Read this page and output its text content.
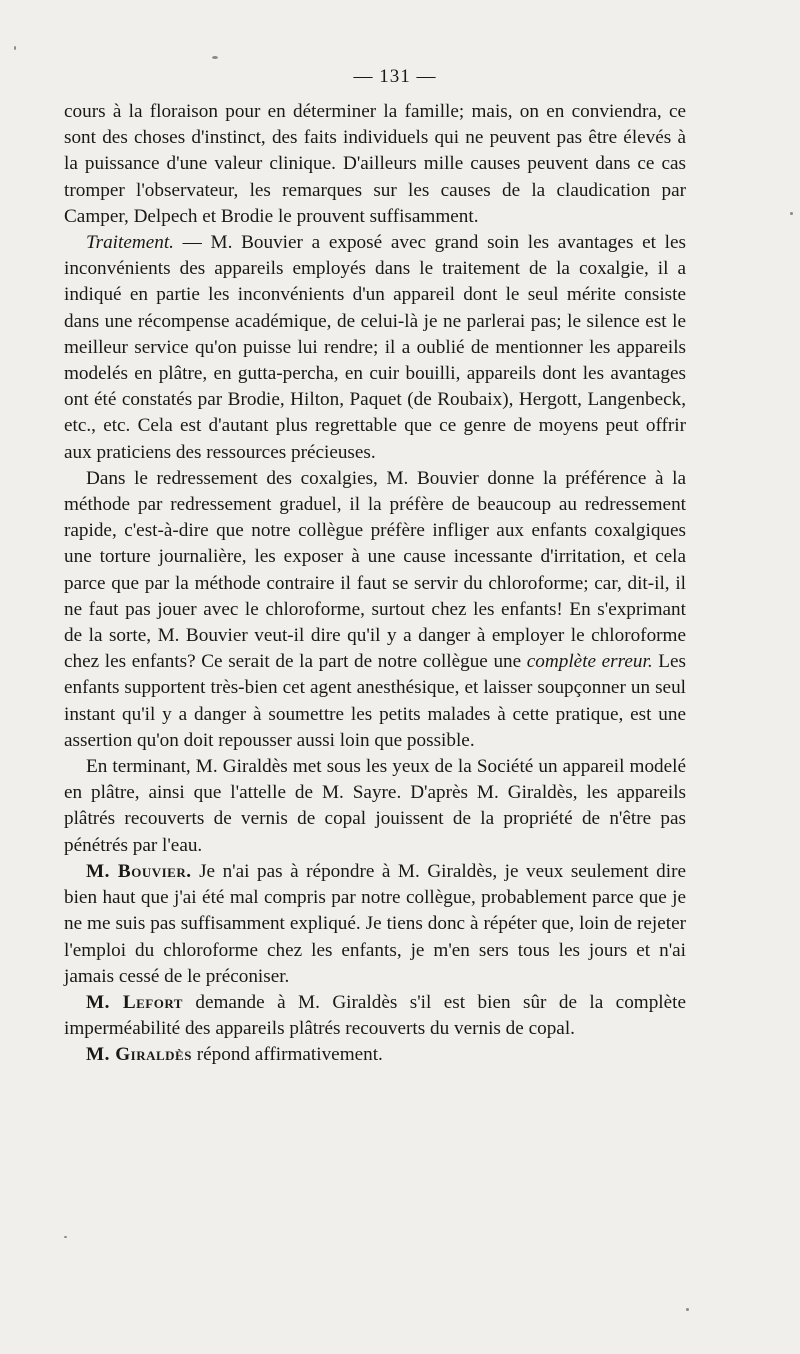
— 131 —

cours à la floraison pour en déterminer la famille; mais, on en conviendra, ce sont des choses d'instinct, des faits individuels qui ne peuvent pas être élevés à la puissance d'une valeur clinique. D'ailleurs mille causes peuvent dans ce cas tromper l'observateur, les remarques sur les causes de la claudication par Camper, Delpech et Brodie le prouvent suffisamment.

Traitement. — M. Bouvier a exposé avec grand soin les avantages et les inconvénients des appareils employés dans le traitement de la coxalgie, il a indiqué en partie les inconvénients d'un appareil dont le seul mérite consiste dans une récompense académique, de celui-là je ne parlerai pas; le silence est le meilleur service qu'on puisse lui rendre; il a oublié de mentionner les appareils modelés en plâtre, en gutta-percha, en cuir bouilli, appareils dont les avantages ont été constatés par Brodie, Hilton, Paquet (de Roubaix), Hergott, Langenbeck, etc., etc. Cela est d'autant plus regrettable que ce genre de moyens peut offrir aux praticiens des ressources précieuses.

Dans le redressement des coxalgies, M. Bouvier donne la préférence à la méthode par redressement graduel, il la préfère de beaucoup au redressement rapide, c'est-à-dire que notre collègue préfère infliger aux enfants coxalgiques une torture journalière, les exposer à une cause incessante d'irritation, et cela parce que par la méthode contraire il faut se servir du chloroforme; car, dit-il, il ne faut pas jouer avec le chloroforme, surtout chez les enfants! En s'exprimant de la sorte, M. Bouvier veut-il dire qu'il y a danger à employer le chloroforme chez les enfants? Ce serait de la part de notre collègue une complète erreur. Les enfants supportent très-bien cet agent anesthésique, et laisser soupçonner un seul instant qu'il y a danger à soumettre les petits malades à cette pratique, est une assertion qu'on doit repousser aussi loin que possible.

En terminant, M. Giraldès met sous les yeux de la Société un appareil modelé en plâtre, ainsi que l'attelle de M. Sayre. D'après M. Giraldès, les appareils plâtrés recouverts de vernis de copal jouissent de la propriété de n'être pas pénétrés par l'eau.

M. Bouvier. Je n'ai pas à répondre à M. Giraldès, je veux seulement dire bien haut que j'ai été mal compris par notre collègue, probablement parce que je ne me suis pas suffisamment expliqué. Je tiens donc à répéter que, loin de rejeter l'emploi du chloroforme chez les enfants, je m'en sers tous les jours et n'ai jamais cessé de le préconiser.

M. Lefort demande à M. Giraldès s'il est bien sûr de la complète imperméabilité des appareils plâtrés recouverts du vernis de copal.

M. Giraldès répond affirmativement.
